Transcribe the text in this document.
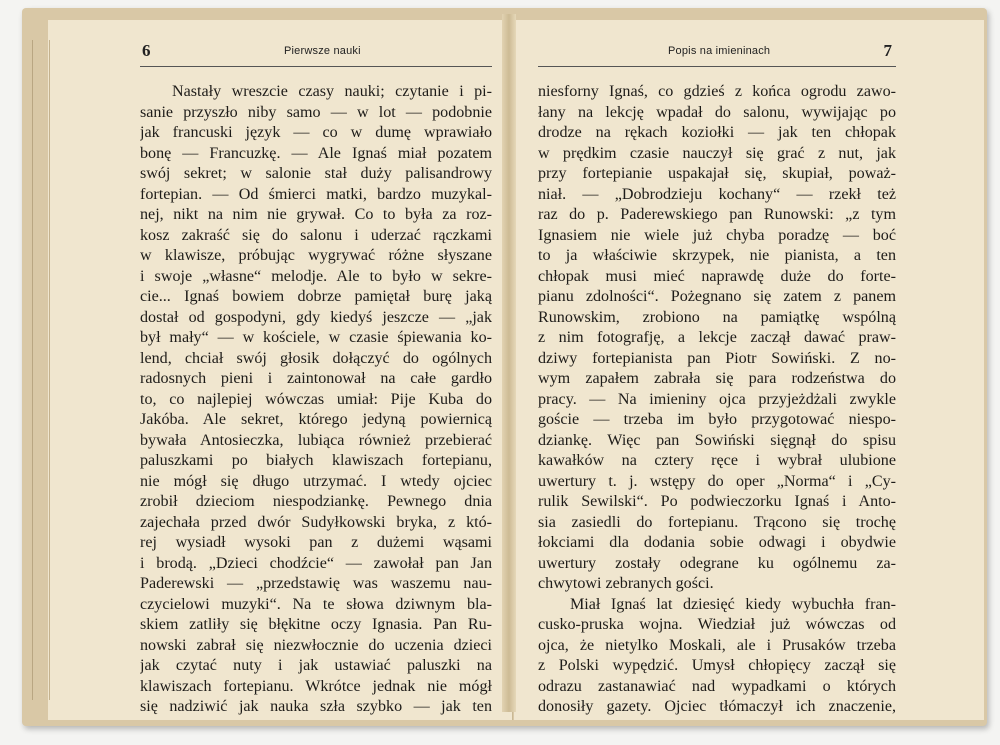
6	Pierwsze nauki	Popis na imieninach	7
Nastały wreszcie czasy nauki; czytanie i pi-
sanie przyszło niby samo — w lot — podobnie
jak francuski język — co w dumę wprawiało
bonę — Francuzkę. — Ale Ignaś miał pozatem
swój sekret; w salonie stał duży palisandrowy
fortepian. — Od śmierci matki, bardzo muzykal-
nej, nikt na nim nie grywał. Co to była za roz-
kosz zakraść się do salonu i uderzać rączkami
w klawisze, próbując wygrywać różne słyszane
i swoje „własne“ melodje. Ale to było w sekre-
cie... Ignaś bowiem dobrze pamiętał burę jaką
dostał od gospodyni, gdy kiedyś jeszcze — „jak
był mały“ — w kościele, w czasie śpiewania ko-
lend, chciał swój głosik dołączyć do ogólnych
radosnych pieni i zaintonował na całe gardło
to, co najlepiej wówczas umiał: Pije Kuba do
Jakóba. Ale sekret, którego jedyną powiernicą
bywała Antosieczka, lubiąca również przebierać
paluszkami po białych klawiszach fortepianu,
nie mógł się długo utrzymać. I wtedy ojciec
zrobił dzieciom niespodziankę. Pewnego dnia
zajechała przed dwór Sudyłkowski bryka, z któ-
rej wysiadł wysoki pan z dużemi wąsami
i brodą. „Dzieci chodźcie“ — zawołał pan Jan
Paderewski — „przedstawię was waszemu nau-
czycielowi muzyki“. Na te słowa dziwnym bla-
skiem zatliły się błękitne oczy Ignasia. Pan Ru-
nowski zabrał się niezwłocznie do uczenia dzieci
jak czytać nuty i jak ustawiać paluszki na
klawiszach fortepianu. Wkrótce jednak nie mógł
się nadziwić jak nauka szła szybko — jak ten
niesforny Ignaś, co gdzieś z końca ogrodu zawo-
łany na lekcję wpadał do salonu, wywijając po
drodze na rękach koziołki — jak ten chłopak
w prędkim czasie nauczył się grać z nut, jak
przy fortepianie uspakajał się, skupiał, poważ-
niał. — „Dobrodzieju kochany“ — rzekł też
raz do p. Paderewskiego pan Runowski: „z tym
Ignasiem nie wiele już chyba poradzę — boć
to ja właściwie skrzypek, nie pianista, a ten
chłopak musi mieć naprawdę duże do forte-
pianu zdolności“. Pożegnano się zatem z panem
Runowskim, zrobiono na pamiątkę wspólną
z nim fotografję, a lekcje zaczął dawać praw-
dziwy fortepianista pan Piotr Sowiński. Z no-
wym zapałem zabrała się para rodzeństwa do
pracy. — Na imieniny ojca przyjeżdżali zwykle
goście — trzeba im było przygotować niespo-
dziankę. Więc pan Sowiński sięgnął do spisu
kawałków na cztery ręce i wybrał ulubione
uwertury t. j. wstępy do oper „Norma“ i „Cy-
rulik Sewilski“. Po podwieczorku Ignaś i Anto-
sia zasiedli do fortepianu. Trącono się trochę
łokciami dla dodania sobie odwagi i obydwie
uwertury zostały odegrane ku ogólnemu za-
chwytowi zebranych gości.
Miał Ignaś lat dziesięć kiedy wybuchła fran-
cusko-pruska wojna. Wiedział już wówczas od
ojca, że nietylko Moskali, ale i Prusaków trzeba
z Polski wypędzić. Umysł chłopięcy zaczął się
odrazu zastanawiać nad wypadkami o których
donosiły gazety. Ojciec tłómaczył ich znaczenie,
